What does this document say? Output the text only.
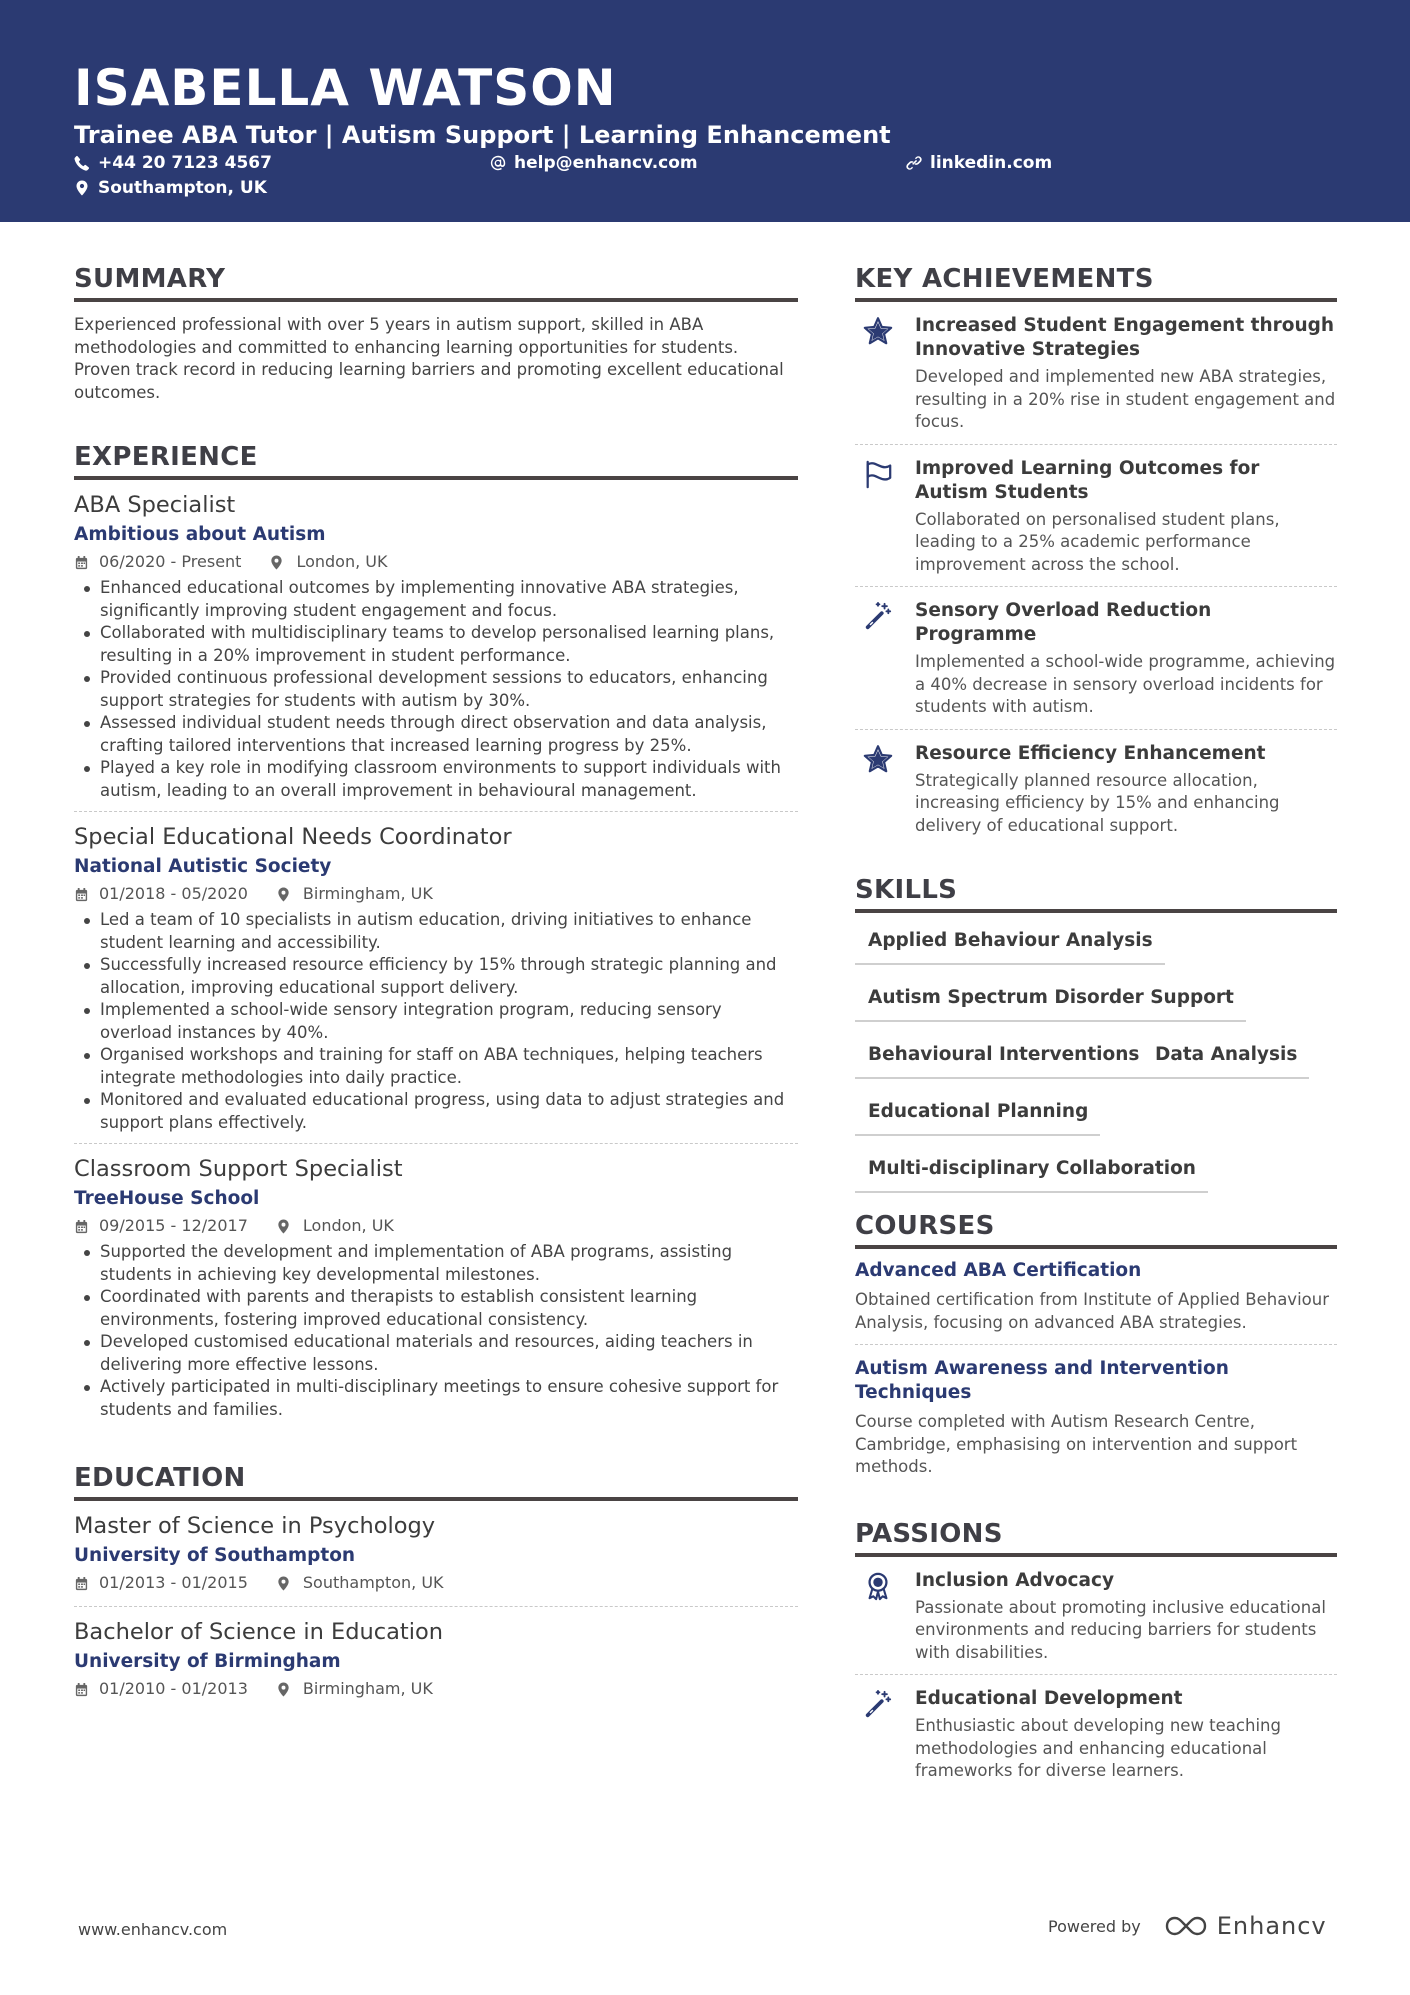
ISABELLA WATSON
Trainee ABA Tutor | Autism Support | Learning Enhancement
+44 20 7123 4567	help@enhancv.com	linkedin.com
Southampton, UK
SUMMARY
Experienced professional with over 5 years in autism support, skilled in ABA methodologies and committed to enhancing learning opportunities for students. Proven track record in reducing learning barriers and promoting excellent educational outcomes.
EXPERIENCE
ABA Specialist
Ambitious about Autism
06/2020 - Present	London, UK
Enhanced educational outcomes by implementing innovative ABA strategies, significantly improving student engagement and focus.
Collaborated with multidisciplinary teams to develop personalised learning plans, resulting in a 20% improvement in student performance.
Provided continuous professional development sessions to educators, enhancing support strategies for students with autism by 30%.
Assessed individual student needs through direct observation and data analysis, crafting tailored interventions that increased learning progress by 25%.
Played a key role in modifying classroom environments to support individuals with autism, leading to an overall improvement in behavioural management.
Special Educational Needs Coordinator
National Autistic Society
01/2018 - 05/2020	Birmingham, UK
Led a team of 10 specialists in autism education, driving initiatives to enhance student learning and accessibility.
Successfully increased resource efficiency by 15% through strategic planning and allocation, improving educational support delivery.
Implemented a school-wide sensory integration program, reducing sensory overload instances by 40%.
Organised workshops and training for staff on ABA techniques, helping teachers integrate methodologies into daily practice.
Monitored and evaluated educational progress, using data to adjust strategies and support plans effectively.
Classroom Support Specialist
TreeHouse School
09/2015 - 12/2017	London, UK
Supported the development and implementation of ABA programs, assisting students in achieving key developmental milestones.
Coordinated with parents and therapists to establish consistent learning environments, fostering improved educational consistency.
Developed customised educational materials and resources, aiding teachers in delivering more effective lessons.
Actively participated in multi-disciplinary meetings to ensure cohesive support for students and families.
EDUCATION
Master of Science in Psychology
University of Southampton
01/2013 - 01/2015	Southampton, UK
Bachelor of Science in Education
University of Birmingham
01/2010 - 01/2013	Birmingham, UK
KEY ACHIEVEMENTS
Increased Student Engagement through Innovative Strategies
Developed and implemented new ABA strategies, resulting in a 20% rise in student engagement and focus.
Improved Learning Outcomes for Autism Students
Collaborated on personalised student plans, leading to a 25% academic performance improvement across the school.
Sensory Overload Reduction Programme
Implemented a school-wide programme, achieving a 40% decrease in sensory overload incidents for students with autism.
Resource Efficiency Enhancement
Strategically planned resource allocation, increasing efficiency by 15% and enhancing delivery of educational support.
SKILLS
Applied Behaviour Analysis
Autism Spectrum Disorder Support
Behavioural Interventions Data Analysis
Educational Planning
Multi-disciplinary Collaboration
COURSES
Advanced ABA Certification
Obtained certification from Institute of Applied Behaviour Analysis, focusing on advanced ABA strategies.
Autism Awareness and Intervention Techniques
Course completed with Autism Research Centre, Cambridge, emphasising on intervention and support methods.
PASSIONS
Inclusion Advocacy
Passionate about promoting inclusive educational environments and reducing barriers for students with disabilities.
Educational Development
Enthusiastic about developing new teaching methodologies and enhancing educational frameworks for diverse learners.
www.enhancv.com	Powered by	Enhancv
